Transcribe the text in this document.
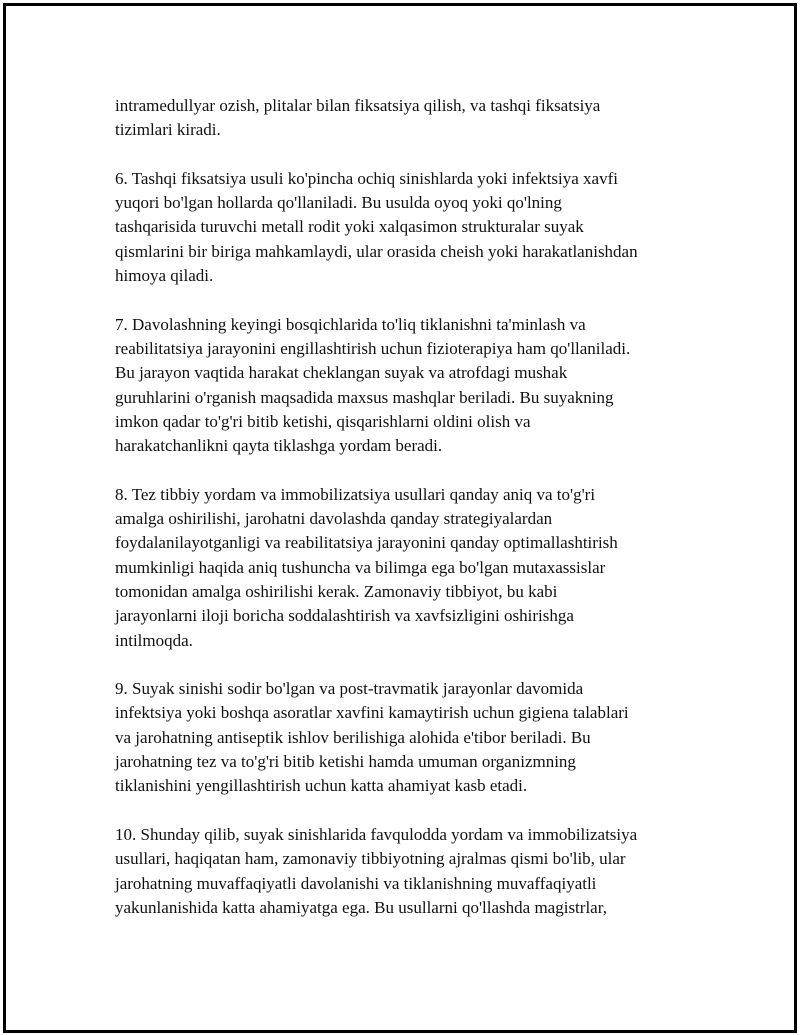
intramedullyar ozish, plitalar bilan fiksatsiya qilish, va tashqi fiksatsiya
tizimlari kiradi.

6. Tashqi fiksatsiya usuli ko'pincha ochiq sinishlarda yoki infektsiya xavfi
yuqori bo'lgan hollarda qo'llaniladi. Bu usulda oyoq yoki qo'lning
tashqarisida turuvchi metall rodit yoki xalqasimon strukturalar suyak
qismlarini bir biriga mahkamlaydi, ular orasida cheish yoki harakatlanishdan
himoya qiladi.

7. Davolashning keyingi bosqichlarida to'liq tiklanishni ta'minlash va
reabilitatsiya jarayonini engillashtirish uchun fizioterapiya ham qo'llaniladi.
Bu jarayon vaqtida harakat cheklangan suyak va atrofdagi mushak
guruhlarini o'rganish maqsadida maxsus mashqlar beriladi. Bu suyakning
imkon qadar to'g'ri bitib ketishi, qisqarishlarni oldini olish va
harakatchanlikni qayta tiklashga yordam beradi.

8. Tez tibbiy yordam va immobilizatsiya usullari qanday aniq va to'g'ri
amalga oshirilishi, jarohatni davolashda qanday strategiyalardan
foydalanilayotganligi va reabilitatsiya jarayonini qanday optimallashtirish
mumkinligi haqida aniq tushuncha va bilimga ega bo'lgan mutaxassislar
tomonidan amalga oshirilishi kerak. Zamonaviy tibbiyot, bu kabi
jarayonlarni iloji boricha soddalashtirish va xavfsizligini oshirishga
intilmoqda.

9. Suyak sinishi sodir bo'lgan va post-travmatik jarayonlar davomida
infektsiya yoki boshqa asoratlar xavfini kamaytirish uchun gigiena talablari
va jarohatning antiseptik ishlov berilishiga alohida e'tibor beriladi. Bu
jarohatning tez va to'g'ri bitib ketishi hamda umuman organizmning
tiklanishini yengillashtirish uchun katta ahamiyat kasb etadi.

10. Shunday qilib, suyak sinishlarida favqulodda yordam va immobilizatsiya
usullari, haqiqatan ham, zamonaviy tibbiyotning ajralmas qismi bo'lib, ular
jarohatning muvaffaqiyatli davolanishi va tiklanishning muvaffaqiyatli
yakunlanishida katta ahamiyatga ega. Bu usullarni qo'llashda magistrlar,
